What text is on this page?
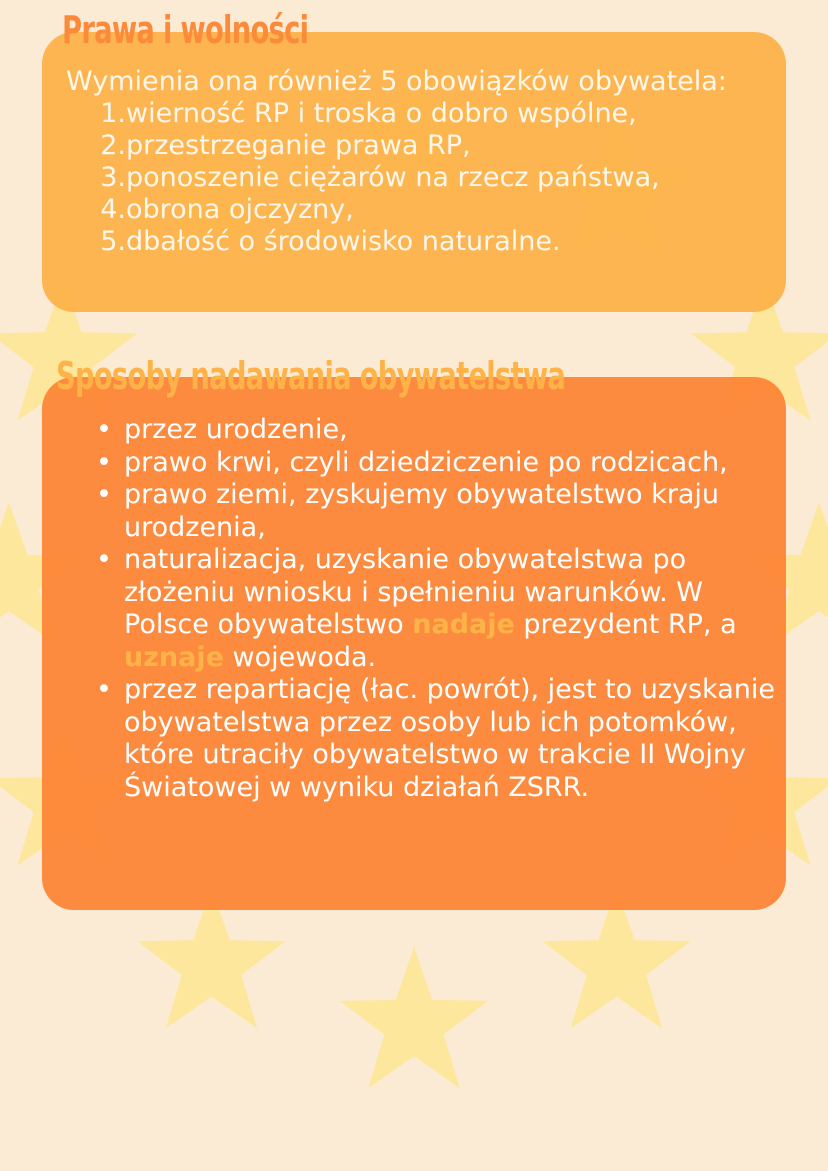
Prawa i wolności
Sposoby nadawania obywatelstwa
Wymienia ona również 5 obowiązków obywatela:
1.wierność RP i troska o dobro wspólne,
2.przestrzeganie prawa RP,
3.ponoszenie ciężarów na rzecz państwa,
4.obrona ojczyzny,
5.dbałość o środowisko naturalne.
• przez urodzenie,
• prawo krwi, czyli dziedziczenie po rodzicach,
• prawo ziemi, zyskujemy obywatelstwo kraju urodzenia,
• naturalizacja, uzyskanie obywatelstwa po złożeniu wniosku i spełnieniu warunków. W Polsce obywatelstwo nadaje prezydent RP, a uznaje wojewoda.
• przez repartiację (łac. powrót), jest to uzyskanie obywatelstwa przez osoby lub ich potomków, które utraciły obywatelstwo w trakcie II Wojny Światowej w wyniku działań ZSRR.
